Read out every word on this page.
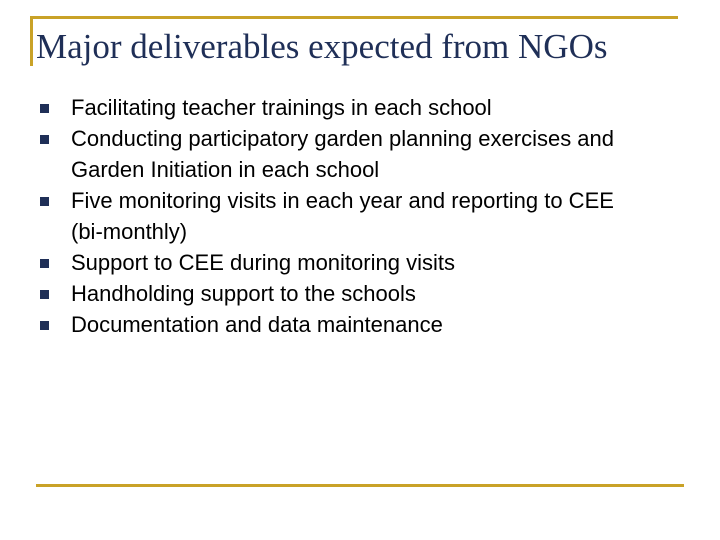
Major deliverables expected from NGOs
Facilitating teacher trainings in each school
Conducting participatory garden planning exercises and Garden Initiation in each school
Five monitoring visits in each year and reporting to CEE (bi-monthly)
Support to CEE during monitoring visits
Handholding support to the schools
Documentation and data maintenance
